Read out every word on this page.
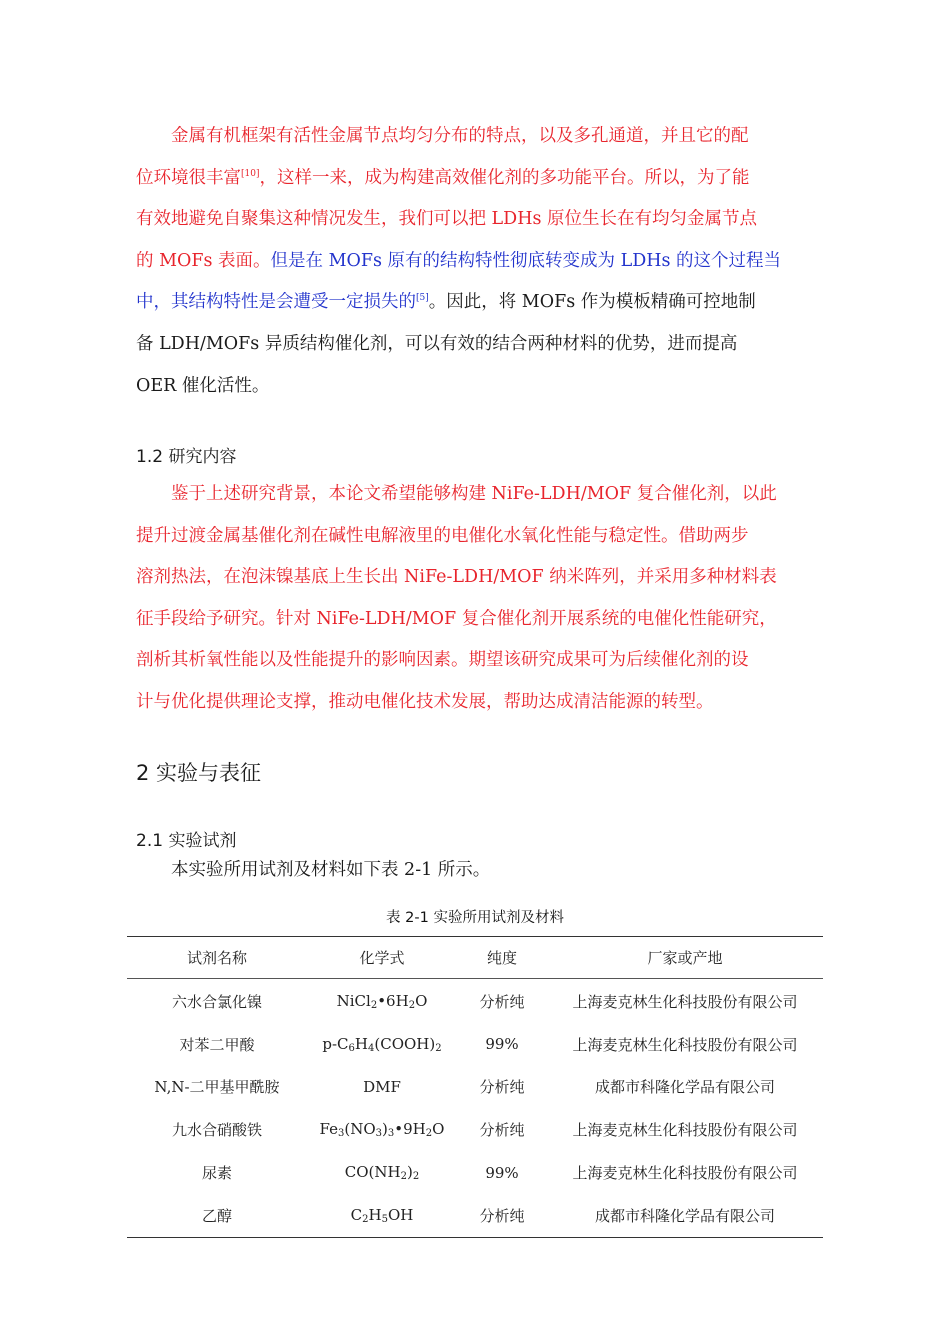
金属有机框架有活性金属节点均匀分布的特点，以及多孔通道，并且它的配
位环境很丰富[10]，这样一来，成为构建高效催化剂的多功能平台。所以，为了能
有效地避免自聚集这种情况发生，我们可以把 LDHs 原位生长在有均匀金属节点
的 MOFs 表面。但是在 MOFs 原有的结构特性彻底转变成为 LDHs 的这个过程当
中，其结构特性是会遭受一定损失的[5]。因此，将 MOFs 作为模板精确可控地制
备 LDH/MOFs 异质结构催化剂，可以有效的结合两种材料的优势，进而提高
OER 催化活性。
1.2 研究内容
鉴于上述研究背景，本论文希望能够构建 NiFe-LDH/MOF 复合催化剂，以此
提升过渡金属基催化剂在碱性电解液里的电催化水氧化性能与稳定性。借助两步
溶剂热法，在泡沫镍基底上生长出 NiFe-LDH/MOF 纳米阵列，并采用多种材料表
征手段给予研究。针对 NiFe-LDH/MOF 复合催化剂开展系统的电催化性能研究，
剖析其析氧性能以及性能提升的影响因素。期望该研究成果可为后续催化剂的设
计与优化提供理论支撑，推动电催化技术发展，帮助达成清洁能源的转型。
2 实验与表征
2.1 实验试剂
本实验所用试剂及材料如下表 2-1 所示。
表 2-1 实验所用试剂及材料
试剂名称	化学式	纯度	厂家或产地
六水合氯化镍	$NiCl_2•6H_2O$	分析纯	上海麦克林生化科技股份有限公司
对苯二甲酸	$p-C_6H_4(COOH)_2$	99%	上海麦克林生化科技股份有限公司
N,N-二甲基甲酰胺	DMF	分析纯	成都市科隆化学品有限公司
九水合硝酸铁	$Fe_3(NO_3)_3•9H_2O$	分析纯	上海麦克林生化科技股份有限公司
尿素	$CO(NH_2)_2$	99%	上海麦克林生化科技股份有限公司
乙醇	$C_2H_5OH$	分析纯	成都市科隆化学品有限公司
